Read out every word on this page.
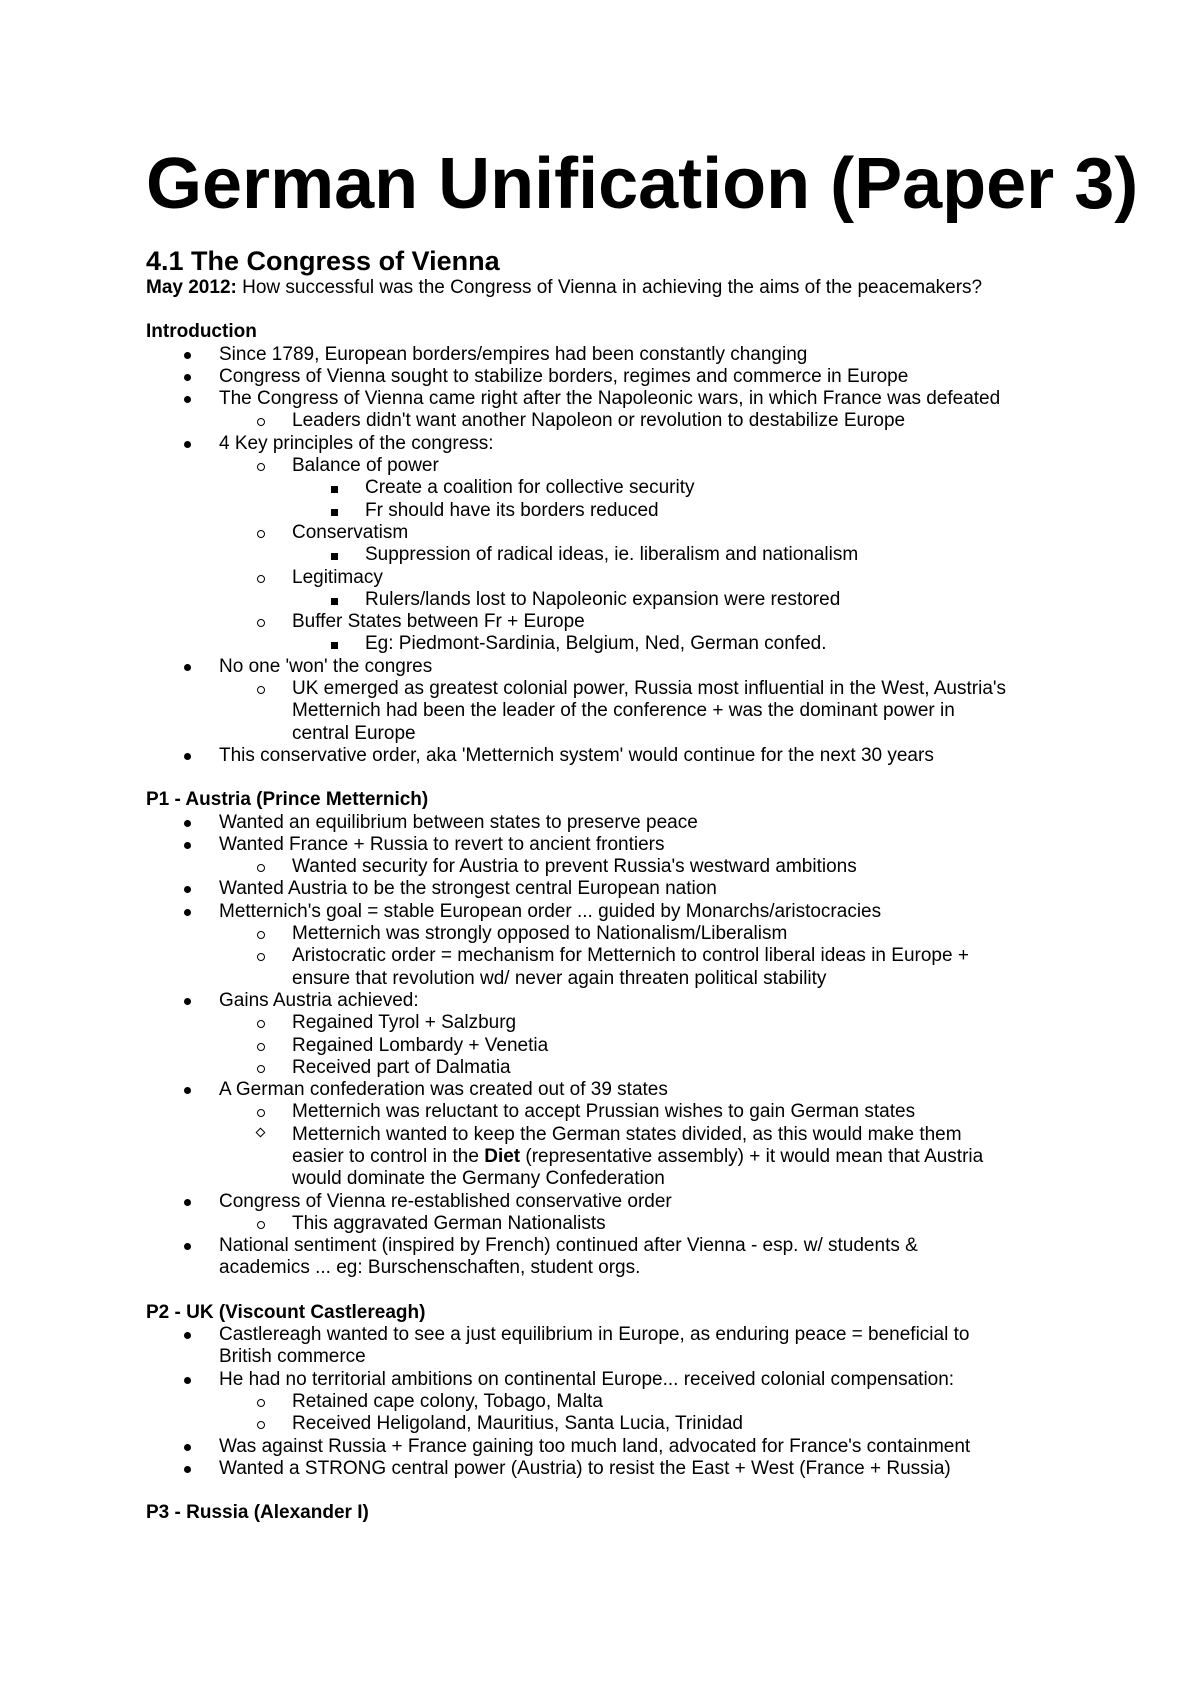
German Unification (Paper 3)
4.1 The Congress of Vienna
May 2012: How successful was the Congress of Vienna in achieving the aims of the peacemakers?
Introduction
Since 1789, European borders/empires had been constantly changing
Congress of Vienna sought to stabilize borders, regimes and commerce in Europe
The Congress of Vienna came right after the Napoleonic wars, in which France was defeated
Leaders didn't want another Napoleon or revolution to destabilize Europe
4 Key principles of the congress:
Balance of power
Create a coalition for collective security
Fr should have its borders reduced
Conservatism
Suppression of radical ideas, ie. liberalism and nationalism
Legitimacy
Rulers/lands lost to Napoleonic expansion were restored
Buffer States between Fr + Europe
Eg: Piedmont-Sardinia, Belgium, Ned, German confed.
No one 'won' the congres
UK emerged as greatest colonial power, Russia most influential in the West, Austria's
Metternich had been the leader of the conference + was the dominant power in
central Europe
This conservative order, aka 'Metternich system' would continue for the next 30 years
P1 - Austria (Prince Metternich)
Wanted an equilibrium between states to preserve peace
Wanted France + Russia to revert to ancient frontiers
Wanted security for Austria to prevent Russia's westward ambitions
Wanted Austria to be the strongest central European nation
Metternich's goal = stable European order ... guided by Monarchs/aristocracies
Metternich was strongly opposed to Nationalism/Liberalism
Aristocratic order = mechanism for Metternich to control liberal ideas in Europe +
ensure that revolution wd/ never again threaten political stability
Gains Austria achieved:
Regained Tyrol + Salzburg
Regained Lombardy + Venetia
Received part of Dalmatia
A German confederation was created out of 39 states
Metternich was reluctant to accept Prussian wishes to gain German states
Metternich wanted to keep the German states divided, as this would make them
easier to control in the Diet (representative assembly) + it would mean that Austria
would dominate the Germany Confederation
Congress of Vienna re-established conservative order
This aggravated German Nationalists
National sentiment (inspired by French) continued after Vienna - esp. w/ students &
academics ... eg: Burschenschaften, student orgs.
P2 - UK (Viscount Castlereagh)
Castlereagh wanted to see a just equilibrium in Europe, as enduring peace = beneficial to
British commerce
He had no territorial ambitions on continental Europe... received colonial compensation:
Retained cape colony, Tobago, Malta
Received Heligoland, Mauritius, Santa Lucia, Trinidad
Was against Russia + France gaining too much land, advocated for France's containment
Wanted a STRONG central power (Austria) to resist the East + West (France + Russia)
P3 - Russia (Alexander I)
